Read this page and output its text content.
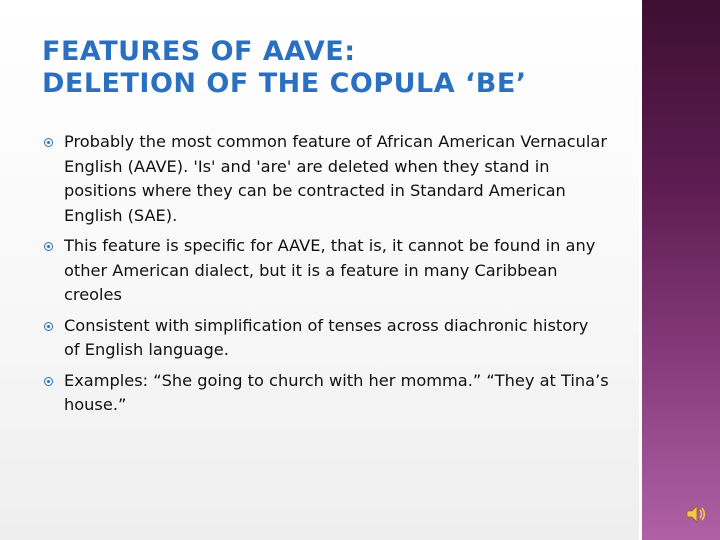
FEATURES OF AAVE:
DELETION OF THE COPULA ‘BE’
Probably the most common feature of African American Vernacular English (AAVE). 'Is' and 'are' are deleted when they stand in positions where they can be contracted in Standard American English (SAE).
This feature is specific for AAVE, that is, it cannot be found in any other American dialect, but it is a feature in many Caribbean creoles
Consistent with simplification of tenses across diachronic history of English language.
Examples: “She going to church with her momma.” “They at Tina’s house.”
